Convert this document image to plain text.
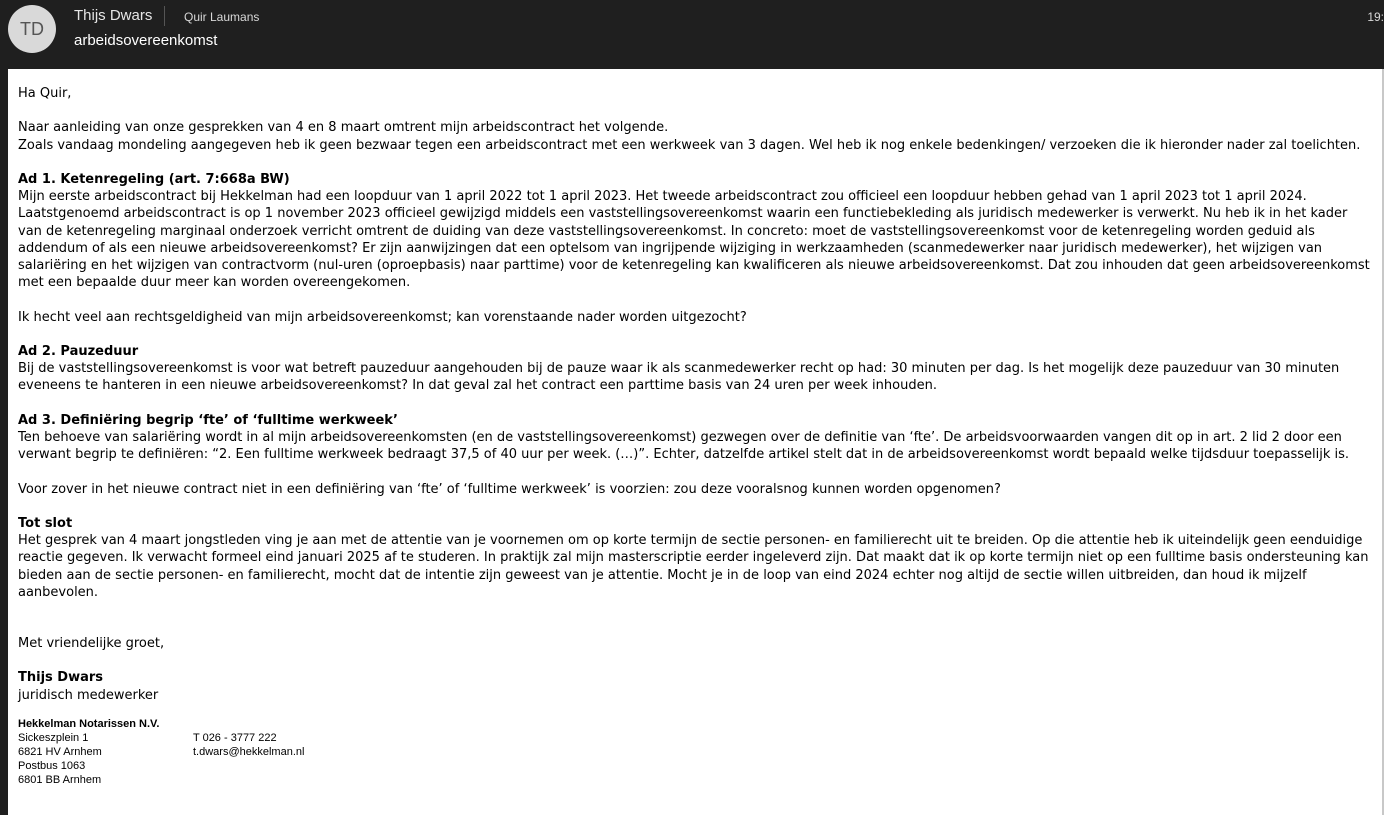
TD
Thijs Dwars	Quir Laumans
arbeidsovereenkomst
19:

Ha Quir,

Naar aanleiding van onze gesprekken van 4 en 8 maart omtrent mijn arbeidscontract het volgende.

Zoals vandaag mondeling aangegeven heb ik geen bezwaar tegen een arbeidscontract met een werkweek van 3 dagen. Wel heb ik nog enkele bedenkingen/ verzoeken die ik hieronder nader zal toelichten.

Ad 1. Ketenregeling (art. 7:668a BW)

Mijn eerste arbeidscontract bij Hekkelman had een loopduur van 1 april 2022 tot 1 april 2023. Het tweede arbeidscontract zou officieel een loopduur hebben gehad van 1 april 2023 tot 1 april 2024. Laatstgenoemd arbeidscontract is op 1 november 2023 officieel gewijzigd middels een vaststellingsovereenkomst waarin een functiebekleding als juridisch medewerker is verwerkt. Nu heb ik in het kader van de ketenregeling marginaal onderzoek verricht omtrent de duiding van deze vaststellingsovereenkomst. In concreto: moet de vaststellingsovereenkomst voor de ketenregeling worden geduid als addendum of als een nieuwe arbeidsovereenkomst? Er zijn aanwijzingen dat een optelsom van ingrijpende wijziging in werkzaamheden (scanmedewerker naar juridisch medewerker), het wijzigen van salariëring en het wijzigen van contractvorm (nul-uren (oproepbasis) naar parttime) voor de ketenregeling kan kwalificeren als nieuwe arbeidsovereenkomst. Dat zou inhouden dat geen arbeidsovereenkomst met een bepaalde duur meer kan worden overeengekomen.

Ik hecht veel aan rechtsgeldigheid van mijn arbeidsovereenkomst; kan vorenstaande nader worden uitgezocht?

Ad 2. Pauzeduur

Bij de vaststellingsovereenkomst is voor wat betreft pauzeduur aangehouden bij de pauze waar ik als scanmedewerker recht op had: 30 minuten per dag. Is het mogelijk deze pauzeduur van 30 minuten eveneens te hanteren in een nieuwe arbeidsovereenkomst? In dat geval zal het contract een parttime basis van 24 uren per week inhouden.

Ad 3. Definiëring begrip ‘fte’ of ‘fulltime werkweek’

Ten behoeve van salariëring wordt in al mijn arbeidsovereenkomsten (en de vaststellingsovereenkomst) gezwegen over de definitie van ‘fte’. De arbeidsvoorwaarden vangen dit op in art. 2 lid 2 door een verwant begrip te definiëren: “2. Een fulltime werkweek bedraagt 37,5 of 40 uur per week. (…)”. Echter, datzelfde artikel stelt dat in de arbeidsovereenkomst wordt bepaald welke tijdsduur toepasselijk is.

Voor zover in het nieuwe contract niet in een definiëring van ‘fte’ of ‘fulltime werkweek’ is voorzien: zou deze vooralsnog kunnen worden opgenomen?

Tot slot

Het gesprek van 4 maart jongstleden ving je aan met de attentie van je voornemen om op korte termijn de sectie personen- en familierecht uit te breiden. Op die attentie heb ik uiteindelijk geen eenduidige reactie gegeven. Ik verwacht formeel eind januari 2025 af te studeren. In praktijk zal mijn masterscriptie eerder ingeleverd zijn. Dat maakt dat ik op korte termijn niet op een fulltime basis ondersteuning kan bieden aan de sectie personen- en familierecht, mocht dat de intentie zijn geweest van je attentie. Mocht je in de loop van eind 2024 echter nog altijd de sectie willen uitbreiden, dan houd ik mijzelf aanbevolen.

Met vriendelijke groet,

Thijs Dwars

juridisch medewerker

Hekkelman Notarissen N.V.
Sickeszplein 1	T 026 - 3777 222
6821 HV Arnhem	t.dwars@hekkelman.nl
Postbus 1063
6801 BB Arnhem
